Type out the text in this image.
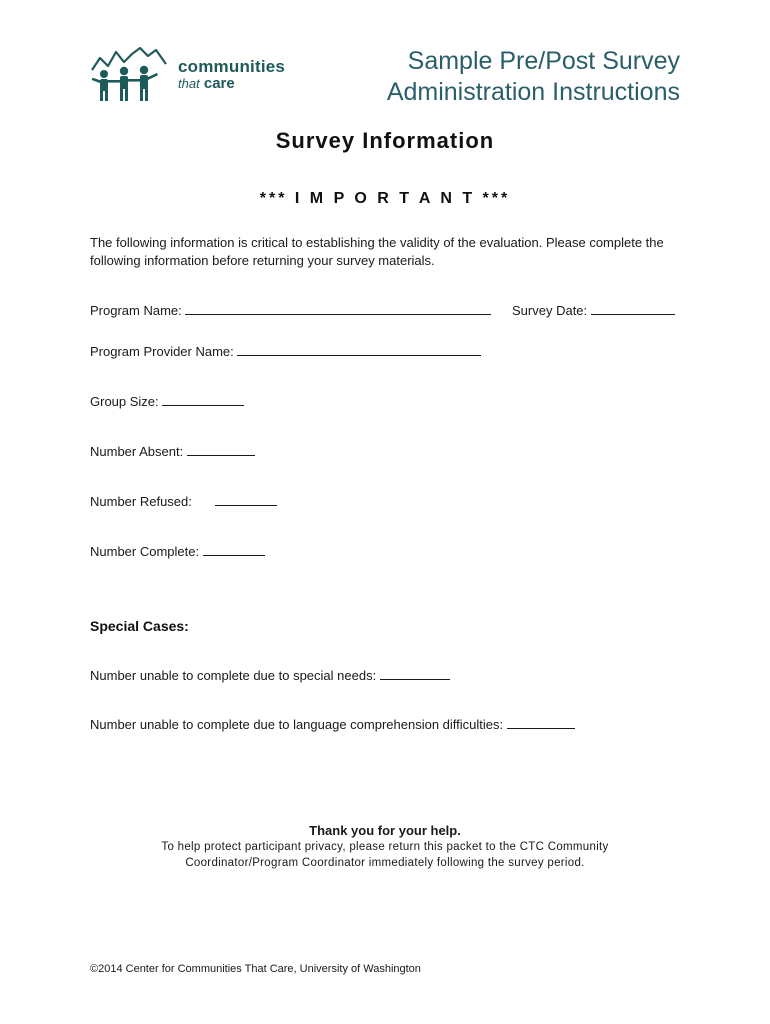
communities
that care
Sample Pre/Post Survey
Administration Instructions
Survey Information
*** I M P O R T A N T ***
The following information is critical to establishing the validity of the evaluation. Please complete the following information before returning your survey materials.
Program Name:	Survey Date:
Program Provider Name:
Group Size:
Number Absent:
Number Refused:
Number Complete:
Special Cases:
Number unable to complete due to special needs:
Number unable to complete due to language comprehension difficulties:
Thank you for your help.
To help protect participant privacy, please return this packet to the CTC Community
Coordinator/Program Coordinator immediately following the survey period.
©2014 Center for Communities That Care, University of Washington
